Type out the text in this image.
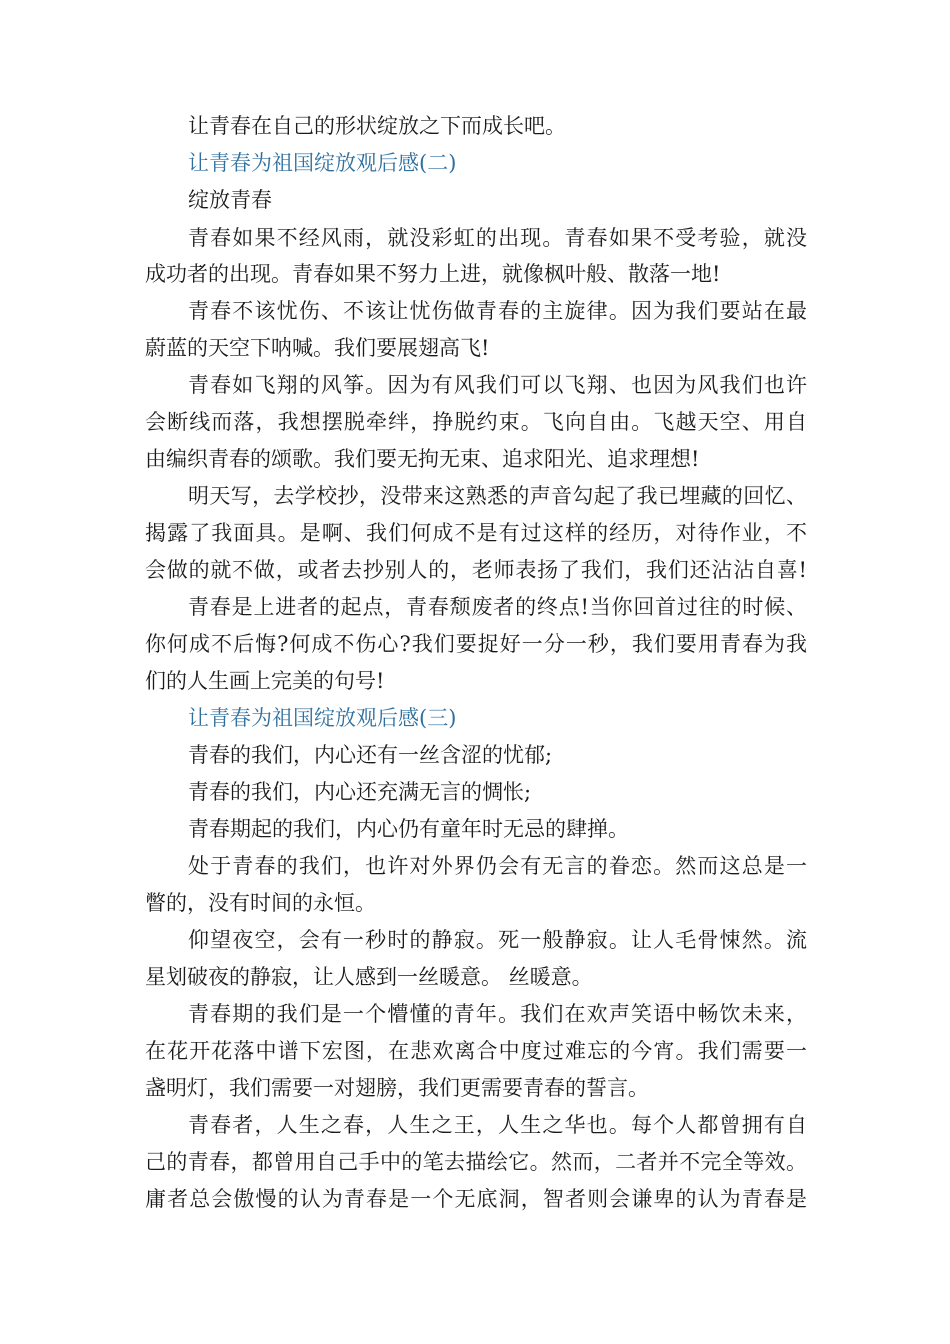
让青春在自己的形状绽放之下而成长吧。
让青春为祖国绽放观后感(二)
绽放青春
青春如果不经风雨，就没彩虹的出现。青春如果不受考验，就没
成功者的出现。青春如果不努力上进，就像枫叶般、散落一地!
青春不该忧伤、不该让忧伤做青春的主旋律。因为我们要站在最
蔚蓝的天空下呐喊。我们要展翅高飞!
青春如飞翔的风筝。因为有风我们可以飞翔、也因为风我们也许
会断线而落，我想摆脱牵绊，挣脱约束。飞向自由。飞越天空、用自
由编织青春的颂歌。我们要无拘无束、追求阳光、追求理想!
明天写，去学校抄，没带来这熟悉的声音勾起了我已埋藏的回忆、
揭露了我面具。是啊、我们何成不是有过这样的经历，对待作业，不
会做的就不做，或者去抄别人的，老师表扬了我们，我们还沾沾自喜!
青春是上进者的起点，青春颓废者的终点!当你回首过往的时候、
你何成不后悔?何成不伤心?我们要捉好一分一秒，我们要用青春为我
们的人生画上完美的句号!
让青春为祖国绽放观后感(三)
青春的我们，内心还有一丝含涩的忧郁;
青春的我们，内心还充满无言的惆怅;
青春期起的我们，内心仍有童年时无忌的肆掸。
处于青春的我们，也许对外界仍会有无言的眷恋。然而这总是一
瞥的，没有时间的永恒。
仰望夜空，会有一秒时的静寂。死一般静寂。让人毛骨悚然。流
星划破夜的静寂，让人感到一丝暖意。 丝暖意。
青春期的我们是一个懵懂的青年。我们在欢声笑语中畅饮未来，
在花开花落中谱下宏图，在悲欢离合中度过难忘的今宵。我们需要一
盏明灯，我们需要一对翅膀，我们更需要青春的誓言。
青春者，人生之春，人生之王，人生之华也。每个人都曾拥有自
己的青春，都曾用自己手中的笔去描绘它。然而，二者并不完全等效。
庸者总会傲慢的认为青春是一个无底洞，智者则会谦卑的认为青春是
